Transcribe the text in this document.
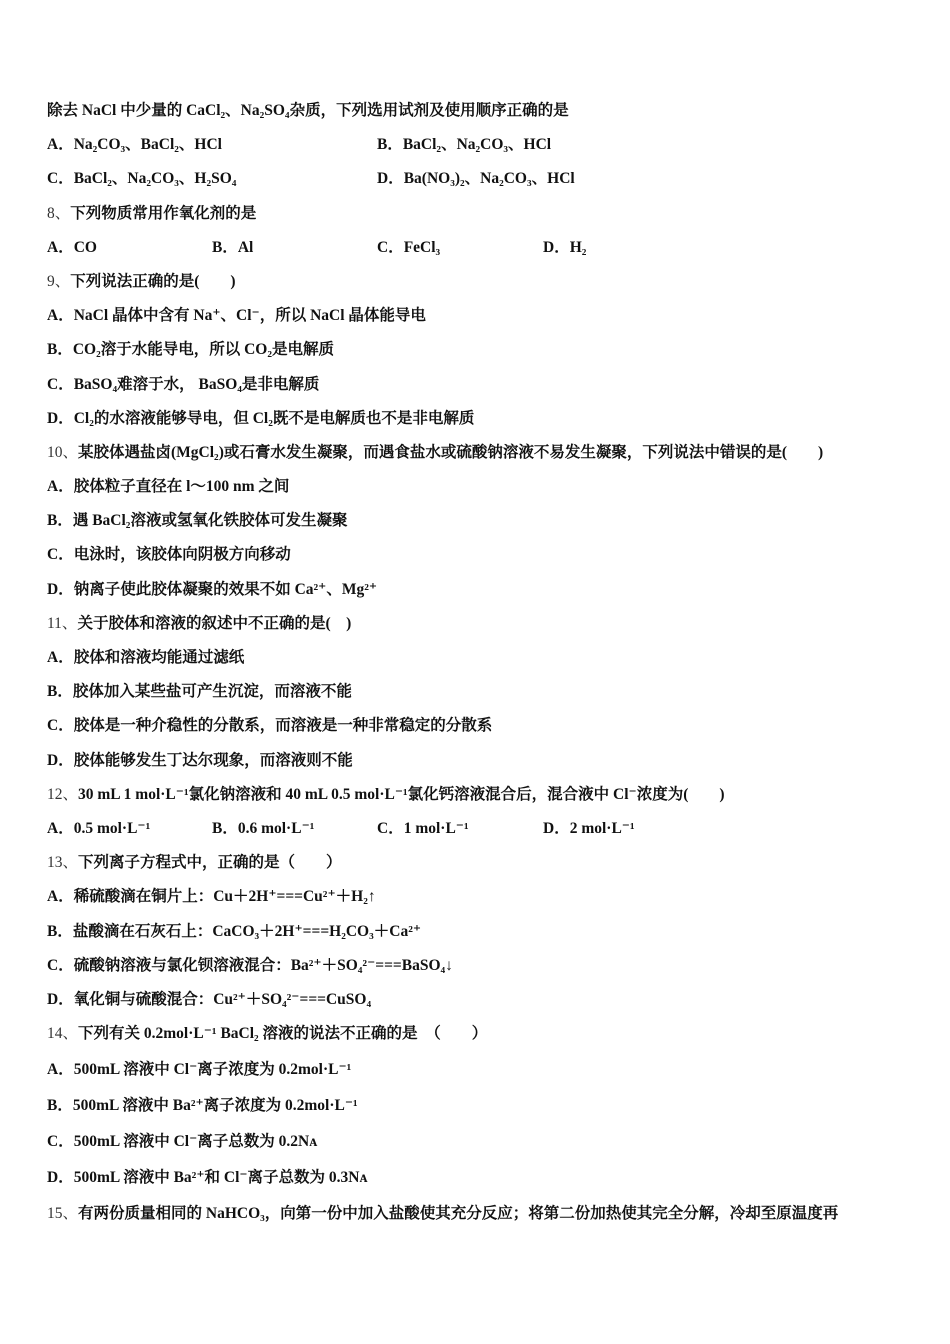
除去 NaCl 中少量的 CaCl₂、Na₂SO₄杂质，下列选用试剂及使用顺序正确的是
A．Na₂CO₃、BaCl₂、HCl	B．BaCl₂、Na₂CO₃、HCl
C．BaCl₂、Na₂CO₃、H₂SO₄	D．Ba(NO₃)₂、Na₂CO₃、HCl
8、下列物质常用作氧化剂的是
A．CO	B．Al	C．FeCl₃	D．H₂
9、下列说法正确的是(　　)
A．NaCl 晶体中含有 Na⁺、Cl⁻，所以 NaCl 晶体能导电
B．CO₂溶于水能导电，所以 CO₂是电解质
C．BaSO₄难溶于水， BaSO₄是非电解质
D．Cl₂的水溶液能够导电，但 Cl₂既不是电解质也不是非电解质
10、某胶体遇盐卤(MgCl₂)或石膏水发生凝聚，而遇食盐水或硫酸钠溶液不易发生凝聚，下列说法中错误的是(　　)
A．胶体粒子直径在 l～100 nm 之间
B．遇 BaCl₂溶液或氢氧化铁胶体可发生凝聚
C．电泳时，该胶体向阴极方向移动
D．钠离子使此胶体凝聚的效果不如 Ca²⁺、Mg²⁺
11、关于胶体和溶液的叙述中不正确的是(　)
A．胶体和溶液均能通过滤纸
B．胶体加入某些盐可产生沉淀，而溶液不能
C．胶体是一种介稳性的分散系，而溶液是一种非常稳定的分散系
D．胶体能够发生丁达尔现象，而溶液则不能
12、30 mL 1 mol·L⁻¹氯化钠溶液和 40 mL 0.5 mol·L⁻¹氯化钙溶液混合后，混合液中 Cl⁻浓度为(　　)
A．0.5 mol·L⁻¹	B．0.6 mol·L⁻¹	C．1 mol·L⁻¹	D．2 mol·L⁻¹
13、下列离子方程式中，正确的是（　　）
A．稀硫酸滴在铜片上：Cu＋2H⁺===Cu²⁺＋H₂↑
B．盐酸滴在石灰石上：CaCO₃＋2H⁺===H₂CO₃＋Ca²⁺
C．硫酸钠溶液与氯化钡溶液混合：Ba²⁺＋SO₄²⁻===BaSO₄↓
D．氧化铜与硫酸混合：Cu²⁺＋SO₄²⁻===CuSO₄
14、下列有关 0.2mol·L⁻¹ BaCl₂ 溶液的说法不正确的是　（　　）
A．500mL 溶液中 Cl⁻离子浓度为 0.2mol·L⁻¹
B．500mL 溶液中 Ba²⁺离子浓度为 0.2mol·L⁻¹
C．500mL 溶液中 Cl⁻离子总数为 0.2Nᴀ
D．500mL 溶液中 Ba²⁺和 Cl⁻离子总数为 0.3Nᴀ
15、有两份质量相同的 NaHCO₃，向第一份中加入盐酸使其充分反应；将第二份加热使其完全分解，冷却至原温度再
